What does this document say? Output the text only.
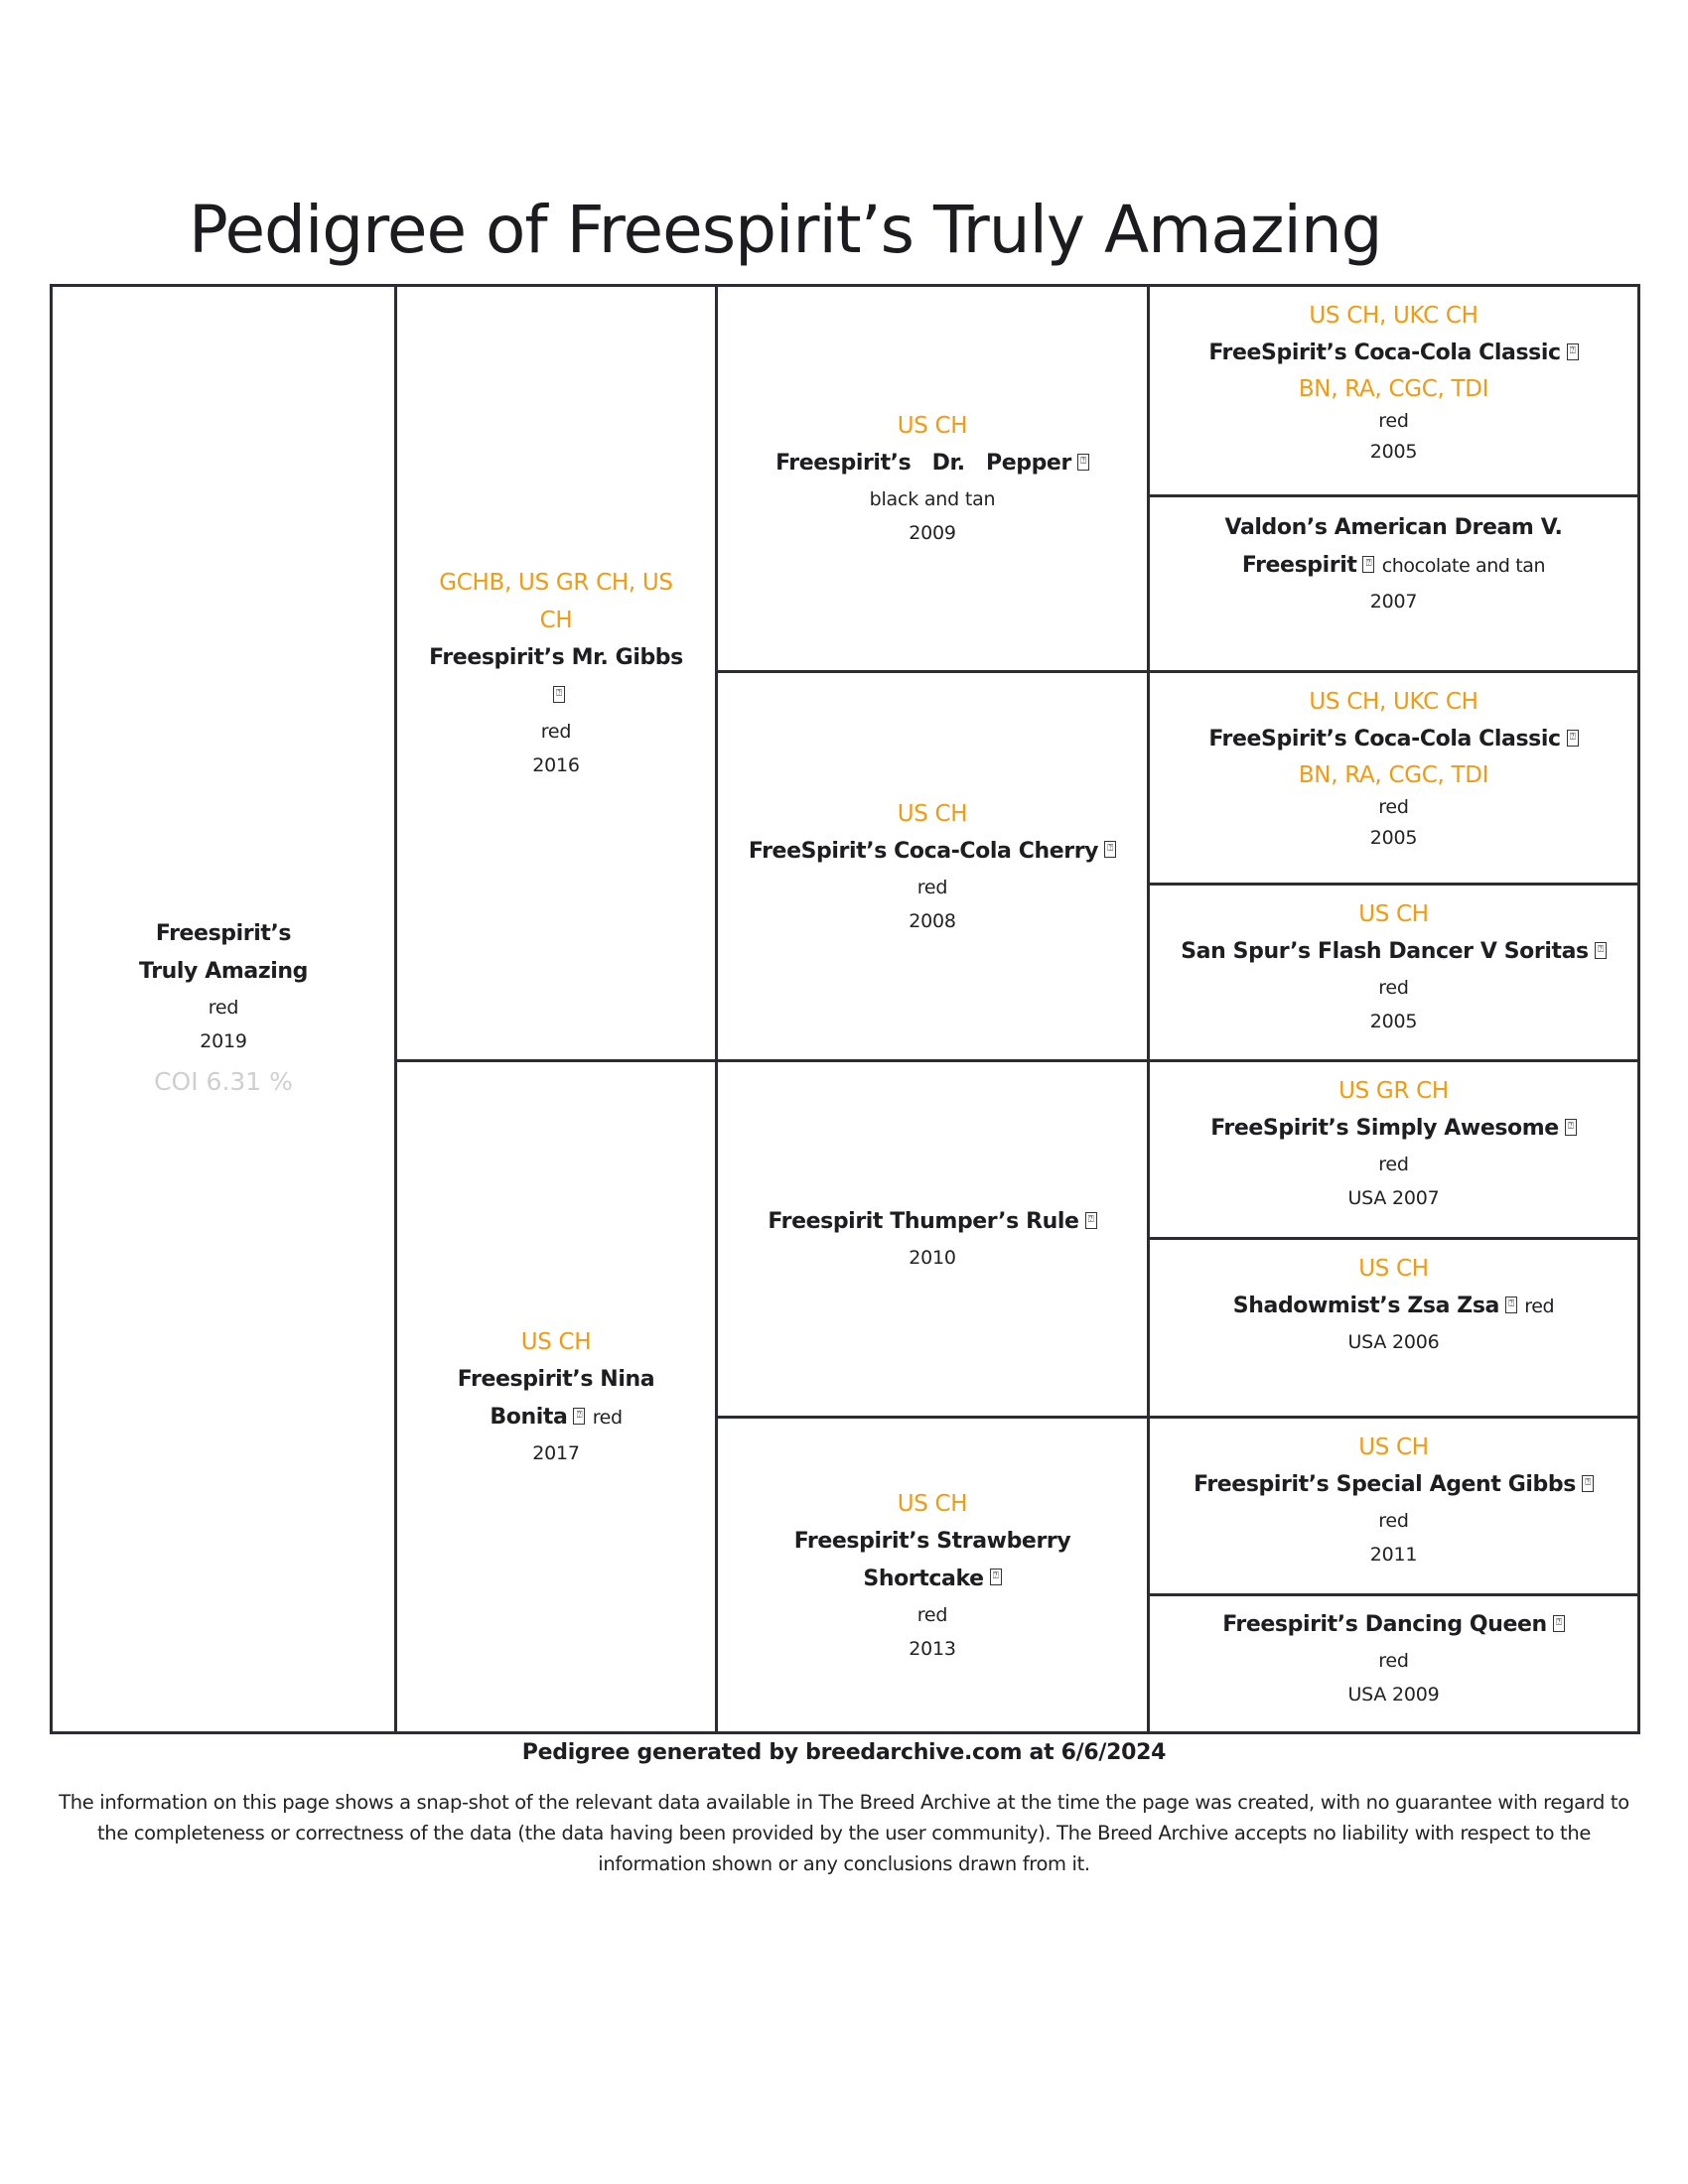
Pedigree of Freespirit’s Truly Amazing
Freespirit’s Truly Amazing
red
2019
COI 6.31 %
GCHB, US GR CH, US CH
Freespirit’s Mr. Gibbs
⍰
red
2016
US CH
Freespirit’s Nina Bonita ⍰ red
2017
US CH
Freespirit’s Dr. Pepper ⍰
black and tan
2009
US CH
FreeSpirit’s Coca-Cola Cherry ⍰
red
2008
Freespirit Thumper’s Rule ⍰
2010
US CH
Freespirit’s Strawberry Shortcake ⍰
red
2013
US CH, UKC CH
FreeSpirit’s Coca-Cola Classic ⍰
BN, RA, CGC, TDI
red
2005
Valdon’s American Dream V. Freespirit ⍰ chocolate and tan
2007
US CH, UKC CH
FreeSpirit’s Coca-Cola Classic ⍰
BN, RA, CGC, TDI
red
2005
US CH
San Spur’s Flash Dancer V Soritas ⍰
red
2005
US GR CH
FreeSpirit’s Simply Awesome ⍰
red
USA 2007
US CH
Shadowmist’s Zsa Zsa ⍰ red
USA 2006
US CH
Freespirit’s Special Agent Gibbs ⍰
red
2011
Freespirit’s Dancing Queen ⍰
red
USA 2009
Pedigree generated by breedarchive.com at 6/6/2024
The information on this page shows a snap-shot of the relevant data available in The Breed Archive at the time the page was created, with no guarantee with regard to the completeness or correctness of the data (the data having been provided by the user community). The Breed Archive accepts no liability with respect to the information shown or any conclusions drawn from it.
